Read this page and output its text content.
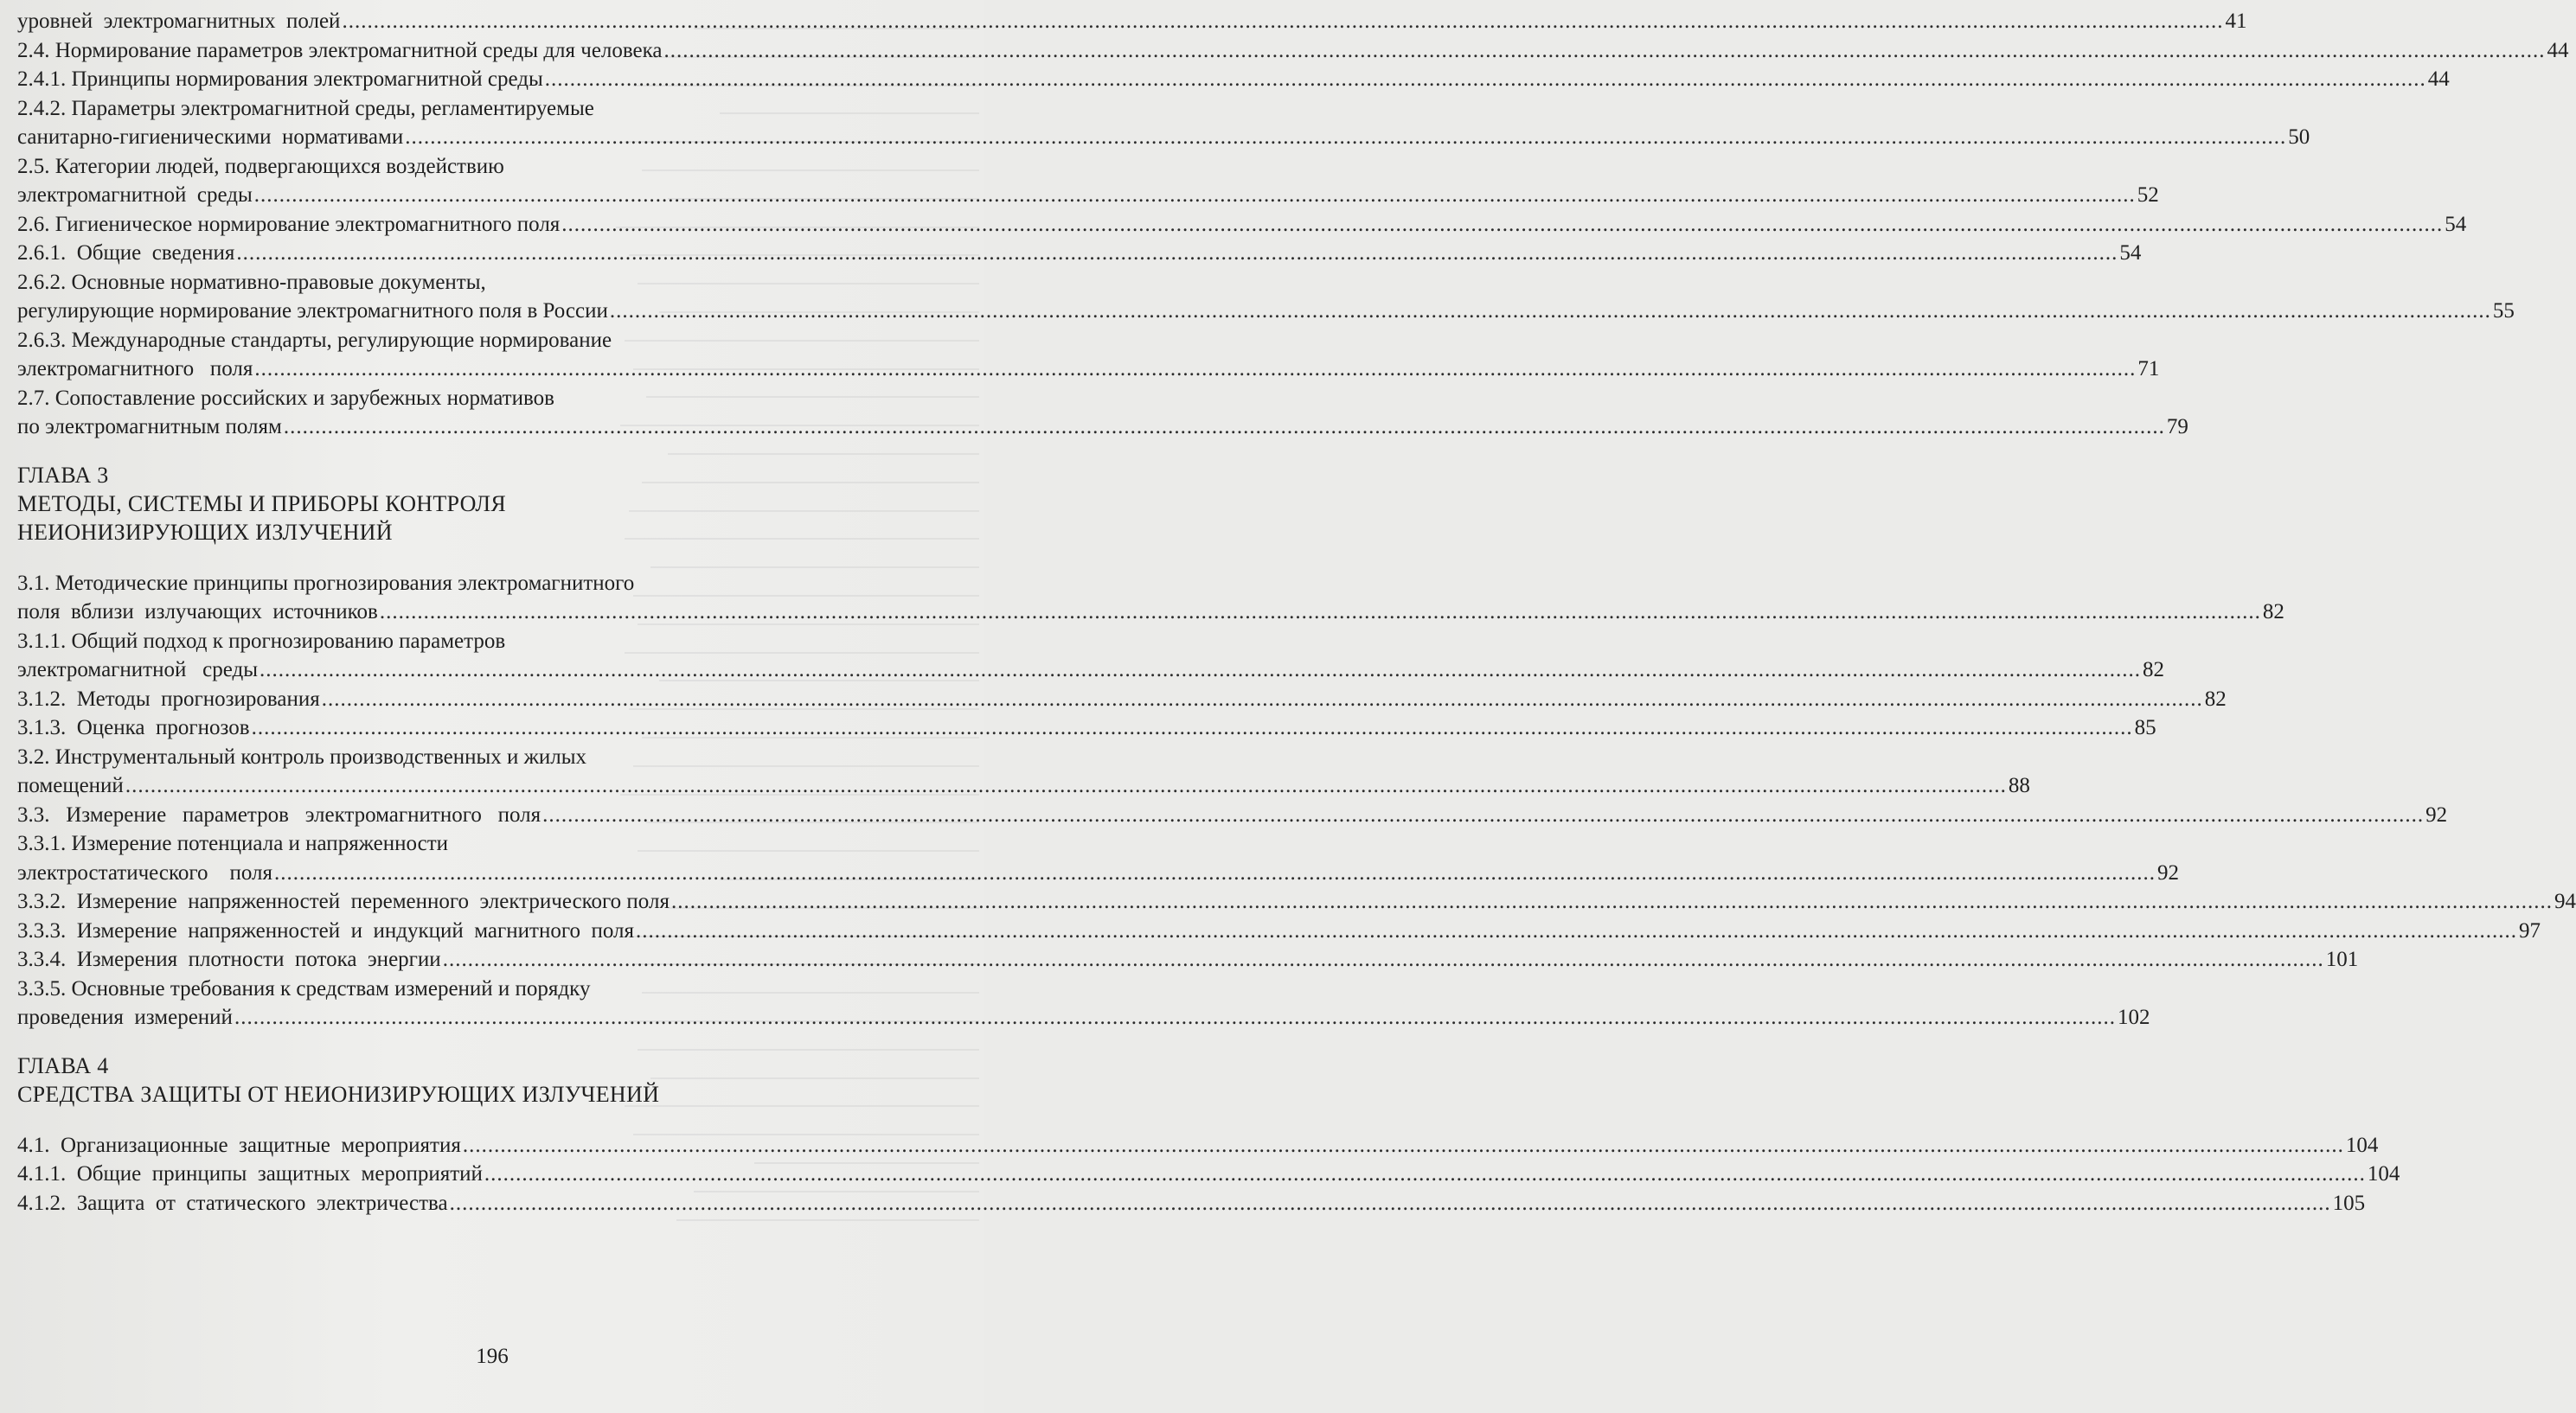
уровней  электромагнитных  полей ............................................................................................................................................................................................................................................................................................................ 41
2.4. Нормирование параметров электромагнитной среды для человека ............................................................................................................................................................................................................................................................................................................ 44
2.4.1. Принципы нормирования электромагнитной среды ............................................................................................................................................................................................................................................................................................................ 44
2.4.2. Параметры электромагнитной среды, регламентируемые
санитарно-гигиеническими  нормативами ............................................................................................................................................................................................................................................................................................................ 50
2.5. Категории людей, подвергающихся воздействию
электромагнитной  среды ............................................................................................................................................................................................................................................................................................................ 52
2.6. Гигиеническое нормирование электромагнитного поля ............................................................................................................................................................................................................................................................................................................ 54
2.6.1.  Общие  сведения ............................................................................................................................................................................................................................................................................................................ 54
2.6.2. Основные нормативно-правовые документы,
регулирующие нормирование электромагнитного поля в России ............................................................................................................................................................................................................................................................................................................ 55
2.6.3. Международные стандарты, регулирующие нормирование
электромагнитного   поля ............................................................................................................................................................................................................................................................................................................ 71
2.7. Сопоставление российских и зарубежных нормативов
по электромагнитным полям ............................................................................................................................................................................................................................................................................................................ 79
ГЛАВА 3
МЕТОДЫ, СИСТЕМЫ И ПРИБОРЫ КОНТРОЛЯ
НЕИОНИЗИРУЮЩИХ ИЗЛУЧЕНИЙ
3.1. Методические принципы прогнозирования электромагнитного
поля  вблизи  излучающих  источников ............................................................................................................................................................................................................................................................................................................ 82
3.1.1. Общий подход к прогнозированию параметров
электромагнитной   среды ............................................................................................................................................................................................................................................................................................................ 82
3.1.2.  Методы  прогнозирования ............................................................................................................................................................................................................................................................................................................ 82
3.1.3.  Оценка  прогнозов ............................................................................................................................................................................................................................................................................................................ 85
3.2. Инструментальный контроль производственных и жилых
помещений ............................................................................................................................................................................................................................................................................................................ 88
3.3.   Измерение   параметров   электромагнитного   поля ............................................................................................................................................................................................................................................................................................................ 92
3.3.1. Измерение потенциала и напряженности
электростатического    поля ............................................................................................................................................................................................................................................................................................................ 92
3.3.2.  Измерение  напряженностей  переменного  электрического поля ............................................................................................................................................................................................................................................................................................................ 94
3.3.3.  Измерение  напряженностей  и  индукций  магнитного  поля ............................................................................................................................................................................................................................................................................................................ 97
3.3.4.  Измерения  плотности  потока  энергии ............................................................................................................................................................................................................................................................................................................ 101
3.3.5. Основные требования к средствам измерений и порядку
проведения  измерений ............................................................................................................................................................................................................................................................................................................ 102
ГЛАВА 4
СРЕДСТВА ЗАЩИТЫ ОТ НЕИОНИЗИРУЮЩИХ ИЗЛУЧЕНИЙ
4.1.  Организационные  защитные  мероприятия ............................................................................................................................................................................................................................................................................................................ 104
4.1.1.  Общие  принципы  защитных  мероприятий ............................................................................................................................................................................................................................................................................................................ 104
4.1.2.  Защита  от  статического  электричества ............................................................................................................................................................................................................................................................................................................ 105
196
